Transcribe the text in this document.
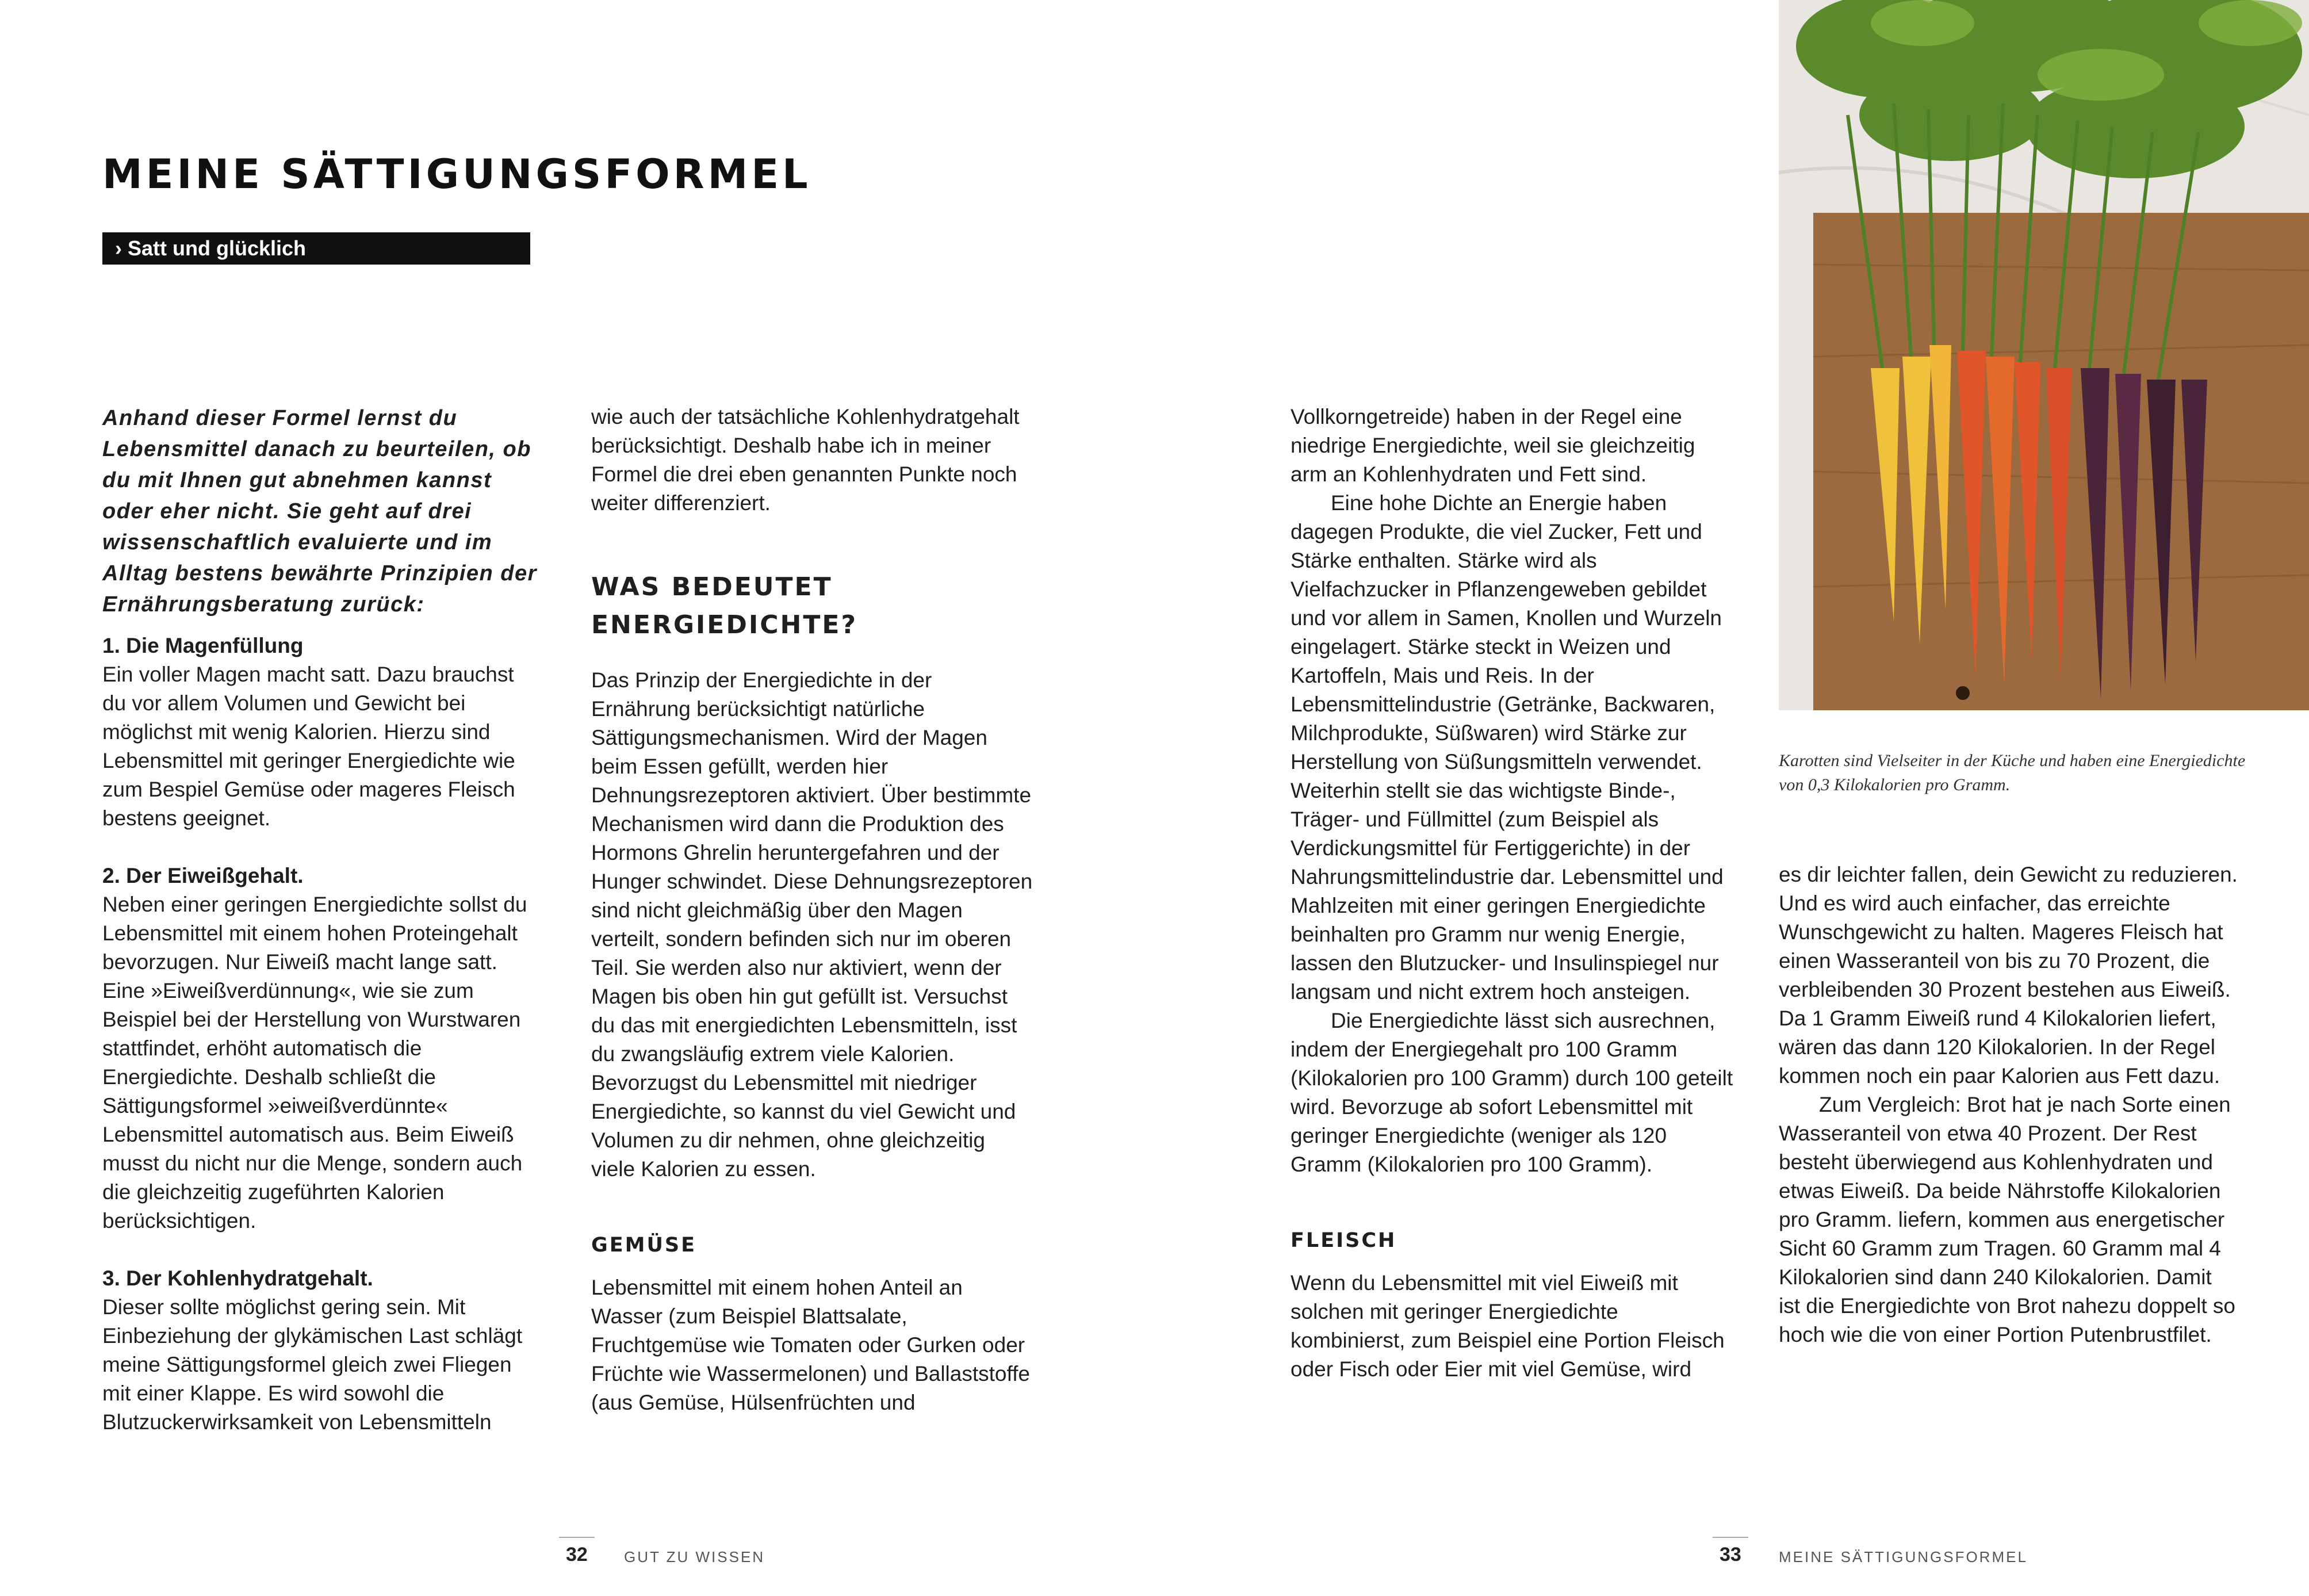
MEINE SÄTTIGUNGSFORMEL
› Satt und glücklich

Anhand dieser Formel lernst du Lebensmittel danach zu beurteilen, ob du mit Ihnen gut abnehmen kannst oder eher nicht. Sie geht auf drei wissenschaftlich evaluierte und im Alltag bestens bewährte Prinzipien der Ernährungsberatung zurück:

1. Die Magenfüllung

Ein voller Magen macht satt. Dazu brauchst du vor allem Volumen und Gewicht bei möglichst mit wenig Kalorien. Hierzu sind Lebensmittel mit geringer Energiedichte wie zum Bespiel Gemüse oder mageres Fleisch bestens geeignet.

2. Der Eiweißgehalt.

Neben einer geringen Energiedichte sollst du Lebensmittel mit einem hohen Proteingehalt bevorzugen. Nur Eiweiß macht lange satt. Eine »Eiweißverdünnung«, wie sie zum Beispiel bei der Herstellung von Wurstwaren stattfindet, erhöht automatisch die Energiedichte. Deshalb schließt die Sättigungsformel »eiweißverdünnte« Lebensmittel automatisch aus. Beim Eiweiß musst du nicht nur die Menge, sondern auch die gleichzeitig zugeführten Kalorien berücksichtigen.

3. Der Kohlenhydratgehalt.

Dieser sollte möglichst gering sein. Mit Einbeziehung der glykämischen Last schlägt meine Sättigungsformel gleich zwei Fliegen mit einer Klappe. Es wird sowohl die Blutzuckerwirksamkeit von Lebensmitteln

wie auch der tatsächliche Kohlenhydratgehalt berücksichtigt. Deshalb habe ich in meiner Formel die drei eben genannten Punkte noch weiter differenziert.

WAS BEDEUTET ENERGIEDICHTE?

Das Prinzip der Energiedichte in der Ernährung berücksichtigt natürliche Sättigungsmechanismen. Wird der Magen beim Essen gefüllt, werden hier Dehnungsrezeptoren aktiviert. Über bestimmte Mechanismen wird dann die Produktion des Hormons Ghrelin heruntergefahren und der Hunger schwindet. Diese Dehnungsrezeptoren sind nicht gleichmäßig über den Magen verteilt, sondern befinden sich nur im oberen Teil. Sie werden also nur aktiviert, wenn der Magen bis oben hin gut gefüllt ist. Versuchst du das mit energiedichten Lebensmitteln, isst du zwangsläufig extrem viele Kalorien. Bevorzugst du Lebensmittel mit niedriger Energiedichte, so kannst du viel Gewicht und Volumen zu dir nehmen, ohne gleichzeitig viele Kalorien zu essen.

GEMÜSE

Lebensmittel mit einem hohen Anteil an Wasser (zum Beispiel Blattsalate, Fruchtgemüse wie Tomaten oder Gurken oder Früchte wie Wassermelonen) und Ballaststoffe (aus Gemüse, Hülsenfrüchten und

Vollkorngetreide) haben in der Regel eine niedrige Energiedichte, weil sie gleichzeitig arm an Kohlenhydraten und Fett sind.

Eine hohe Dichte an Energie haben dagegen Produkte, die viel Zucker, Fett und Stärke enthalten. Stärke wird als Vielfachzucker in Pflanzengeweben gebildet und vor allem in Samen, Knollen und Wurzeln eingelagert. Stärke steckt in Weizen und Kartoffeln, Mais und Reis. In der Lebensmittelindustrie (Getränke, Backwaren, Milchprodukte, Süßwaren) wird Stärke zur Herstellung von Süßungsmitteln verwendet. Weiterhin stellt sie das wichtigste Binde-, Träger- und Füllmittel (zum Beispiel als Verdickungsmittel für Fertiggerichte) in der Nahrungsmittelindustrie dar. Lebensmittel und Mahlzeiten mit einer geringen Energiedichte beinhalten pro Gramm nur wenig Energie, lassen den Blutzucker- und Insulinspiegel nur langsam und nicht extrem hoch ansteigen.

Die Energiedichte lässt sich ausrechnen, indem der Energiegehalt pro 100 Gramm (Kilokalorien pro 100 Gramm) durch 100 geteilt wird. Bevorzuge ab sofort Lebensmittel mit geringer Energiedichte (weniger als 120 Gramm (Kilokalorien pro 100 Gramm).

FLEISCH

Wenn du Lebensmittel mit viel Eiweiß mit solchen mit geringer Energiedichte kombinierst, zum Beispiel eine Portion Fleisch oder Fisch oder Eier mit viel Gemüse, wird

Karotten sind Vielseiter in der Küche und haben eine Energiedichte von 0,3 Kilokalorien pro Gramm.

es dir leichter fallen, dein Gewicht zu reduzieren. Und es wird auch einfacher, das erreichte Wunschgewicht zu halten. Mageres Fleisch hat einen Wasseranteil von bis zu 70 Prozent, die verbleibenden 30 Prozent bestehen aus Eiweiß. Da 1 Gramm Eiweiß rund 4 Kilokalorien liefert, wären das dann 120 Kilokalorien. In der Regel kommen noch ein paar Kalorien aus Fett dazu.

Zum Vergleich: Brot hat je nach Sorte einen Wasseranteil von etwa 40 Prozent. Der Rest besteht überwiegend aus Kohlenhydraten und etwas Eiweiß. Da beide Nährstoffe Kilokalorien pro Gramm. liefern, kommen aus energetischer Sicht 60 Gramm zum Tragen. 60 Gramm mal 4 Kilokalorien sind dann 240 Kilokalorien. Damit ist die Energiedichte von Brot nahezu doppelt so hoch wie die von einer Portion Putenbrustfilet.

32 GUT ZU WISSEN	33	MEINE SÄTTIGUNGSFORMEL
